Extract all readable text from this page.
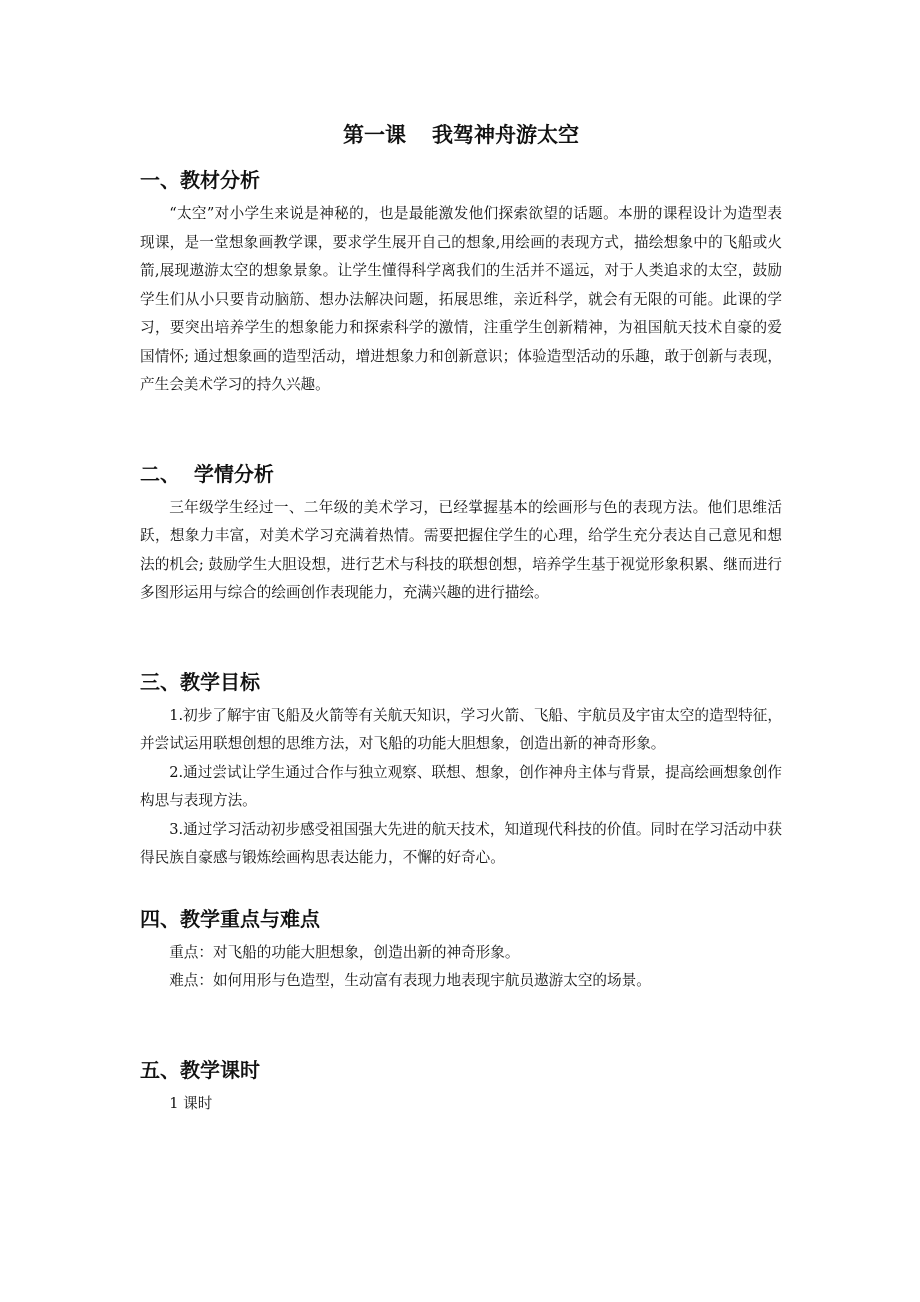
第一课 我驾神舟游太空
一、教材分析

“太空”对小学生来说是神秘的，也是最能激发他们探索欲望的话题。本册的课程设计为造型表现课，是一堂想象画教学课，要求学生展开自己的想象,用绘画的表现方式，描绘想象中的飞船或火箭,展现遨游太空的想象景象。让学生懂得科学离我们的生活并不遥远，对于人类追求的太空，鼓励学生们从小只要肯动脑筋、想办法解决问题，拓展思维，亲近科学，就会有无限的可能。此课的学习，要突出培养学生的想象能力和探索科学的激情，注重学生创新精神，为祖国航天技术自豪的爱国情怀; 通过想象画的造型活动，增进想象力和创新意识；体验造型活动的乐趣，敢于创新与表现，产生会美术学习的持久兴趣。

二、  学情分析

三年级学生经过一、二年级的美术学习，已经掌握基本的绘画形与色的表现方法。他们思维活跃，想象力丰富，对美术学习充满着热情。需要把握住学生的心理，给学生充分表达自己意见和想法的机会; 鼓励学生大胆设想，进行艺术与科技的联想创想，培养学生基于视觉形象积累、继而进行多图形运用与综合的绘画创作表现能力，充满兴趣的进行描绘。

三、教学目标

1.初步了解宇宙飞船及火箭等有关航天知识，学习火箭、飞船、宇航员及宇宙太空的造型特征，并尝试运用联想创想的思维方法，对飞船的功能大胆想象，创造出新的神奇形象。

2.通过尝试让学生通过合作与独立观察、联想、想象，创作神舟主体与背景，提高绘画想象创作构思与表现方法。

3.通过学习活动初步感受祖国强大先进的航天技术，知道现代科技的价值。同时在学习活动中获得民族自豪感与锻炼绘画构思表达能力，不懈的好奇心。

四、教学重点与难点

重点：对飞船的功能大胆想象，创造出新的神奇形象。

难点：如何用形与色造型，生动富有表现力地表现宇航员遨游太空的场景。

五、教学课时

1 课时
